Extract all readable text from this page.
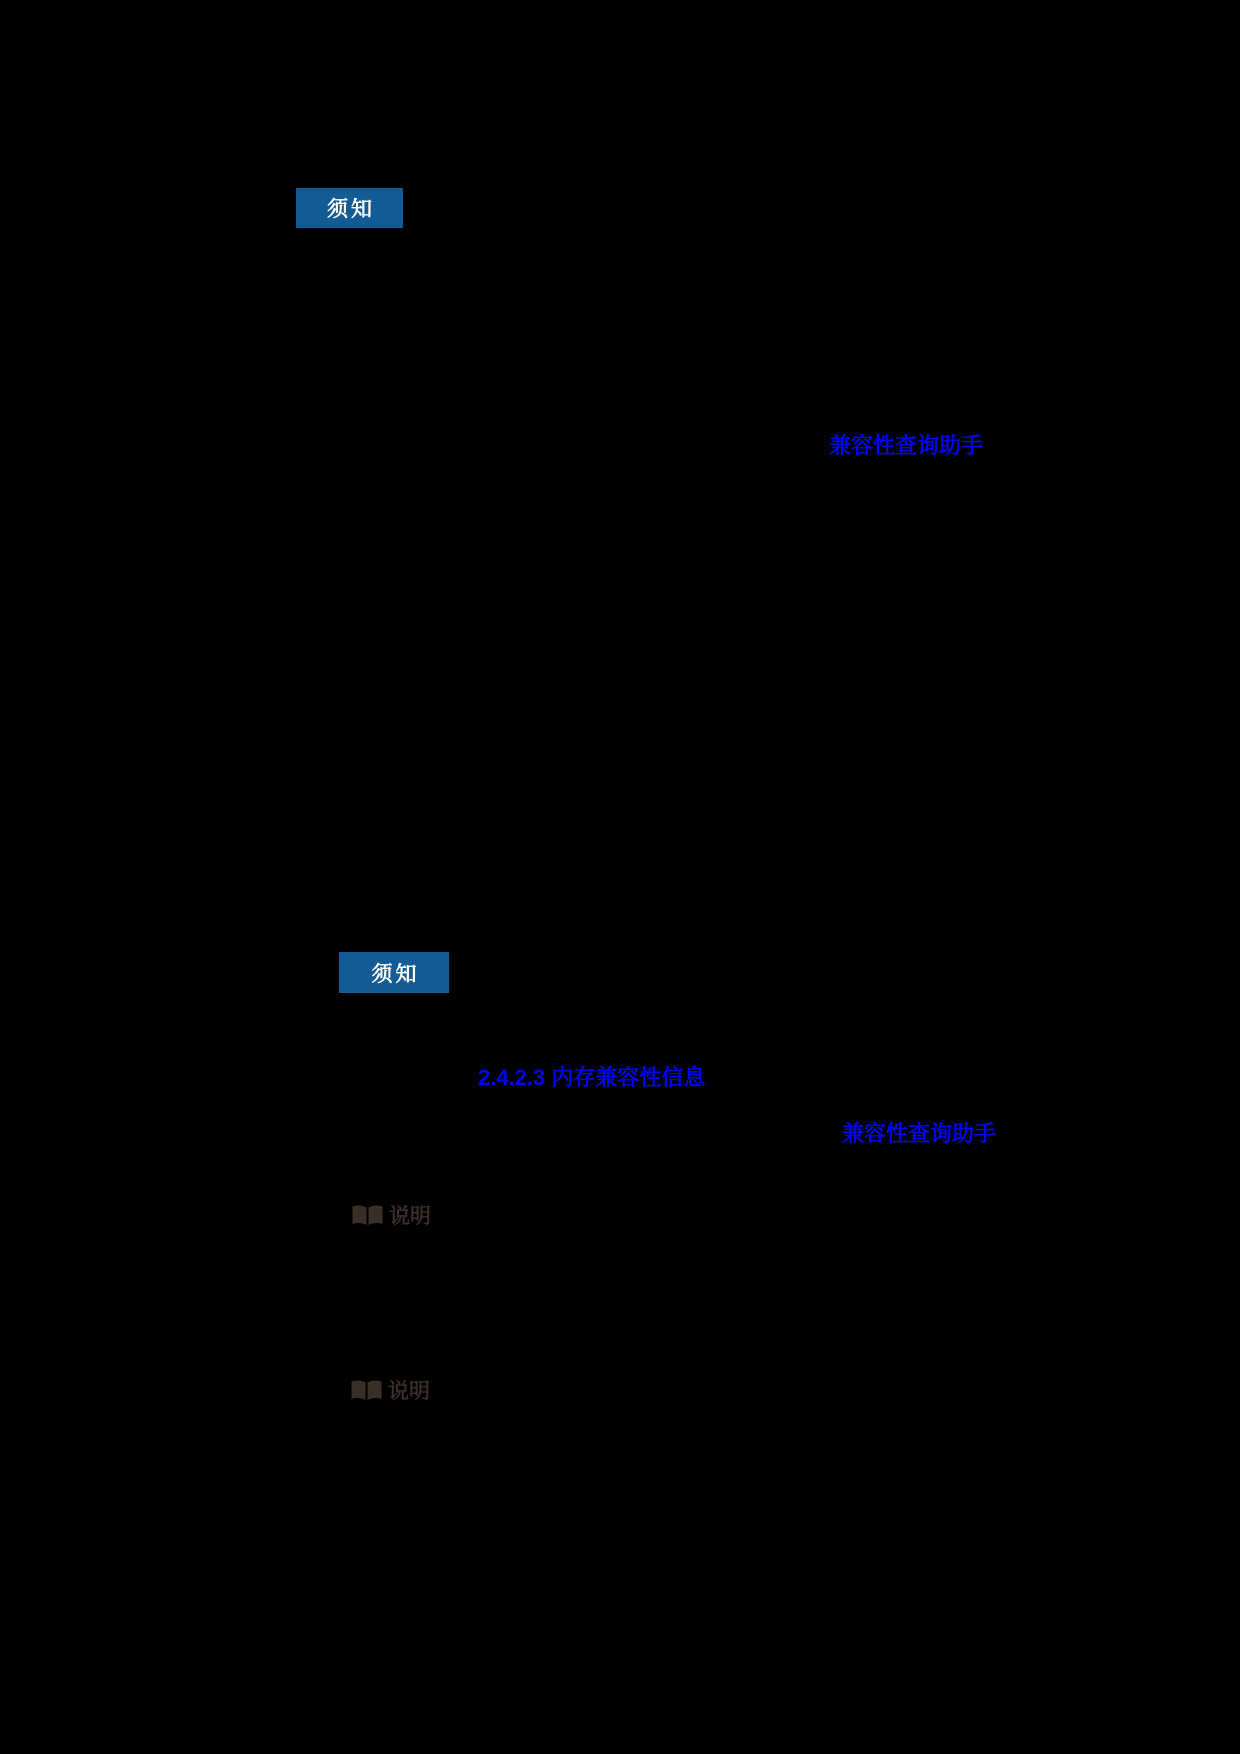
须知
兼容性查询助手
须知
2.4.2.3 内存兼容性信息
兼容性查询助手
说明
说明
